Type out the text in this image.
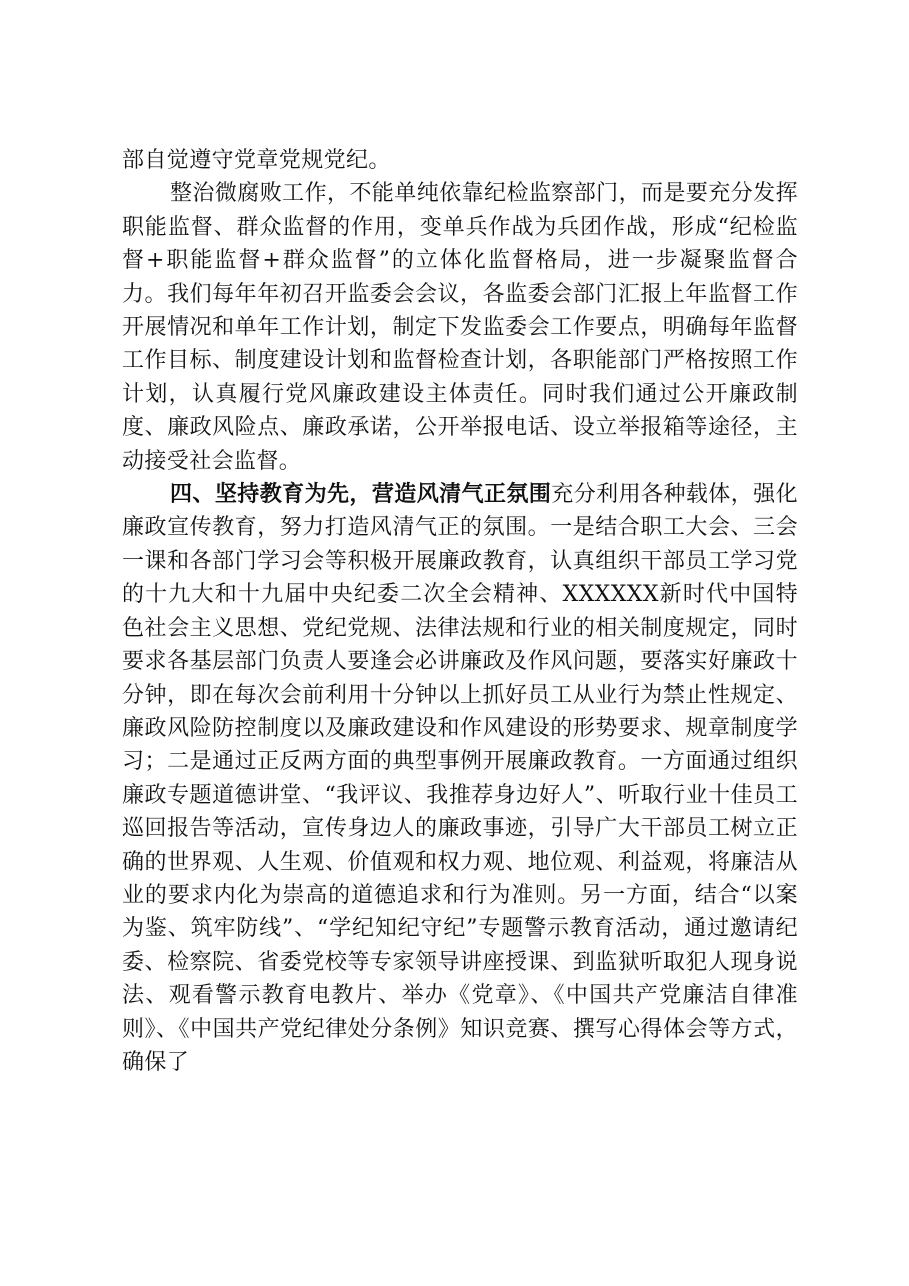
部自觉遵守党章党规党纪。

整治微腐败工作，不能单纯依靠纪检监察部门，而是要充分发挥职能监督、群众监督的作用，变单兵作战为兵团作战，形成“纪检监督+职能监督+群众监督”的立体化监督格局，进一步凝聚监督合力。我们每年年初召开监委会会议，各监委会部门汇报上年监督工作开展情况和单年工作计划，制定下发监委会工作要点，明确每年监督工作目标、制度建设计划和监督检查计划，各职能部门严格按照工作计划，认真履行党风廉政建设主体责任。同时我们通过公开廉政制度、廉政风险点、廉政承诺，公开举报电话、设立举报箱等途径，主动接受社会监督。

四、坚持教育为先，营造风清气正氛围充分利用各种载体，强化廉政宣传教育，努力打造风清气正的氛围。一是结合职工大会、三会一课和各部门学习会等积极开展廉政教育，认真组织干部员工学习党的十九大和十九届中央纪委二次全会精神、XXXXXX新时代中国特色社会主义思想、党纪党规、法律法规和行业的相关制度规定，同时要求各基层部门负责人要逢会必讲廉政及作风问题，要落实好廉政十分钟，即在每次会前利用十分钟以上抓好员工从业行为禁止性规定、廉政风险防控制度以及廉政建设和作风建设的形势要求、规章制度学习；二是通过正反两方面的典型事例开展廉政教育。一方面通过组织廉政专题道德讲堂、“我评议、我推荐身边好人”、听取行业十佳员工巡回报告等活动，宣传身边人的廉政事迹，引导广大干部员工树立正确的世界观、人生观、价值观和权力观、地位观、利益观，将廉洁从业的要求内化为崇高的道德追求和行为准则。另一方面，结合“以案为鉴、筑牢防线”、“学纪知纪守纪”专题警示教育活动，通过邀请纪委、检察院、省委党校等专家领导讲座授课、到监狱听取犯人现身说法、观看警示教育电教片、举办《党章》、《中国共产党廉洁自律准则》、《中国共产党纪律处分条例》知识竞赛、撰写心得体会等方式，确保了
